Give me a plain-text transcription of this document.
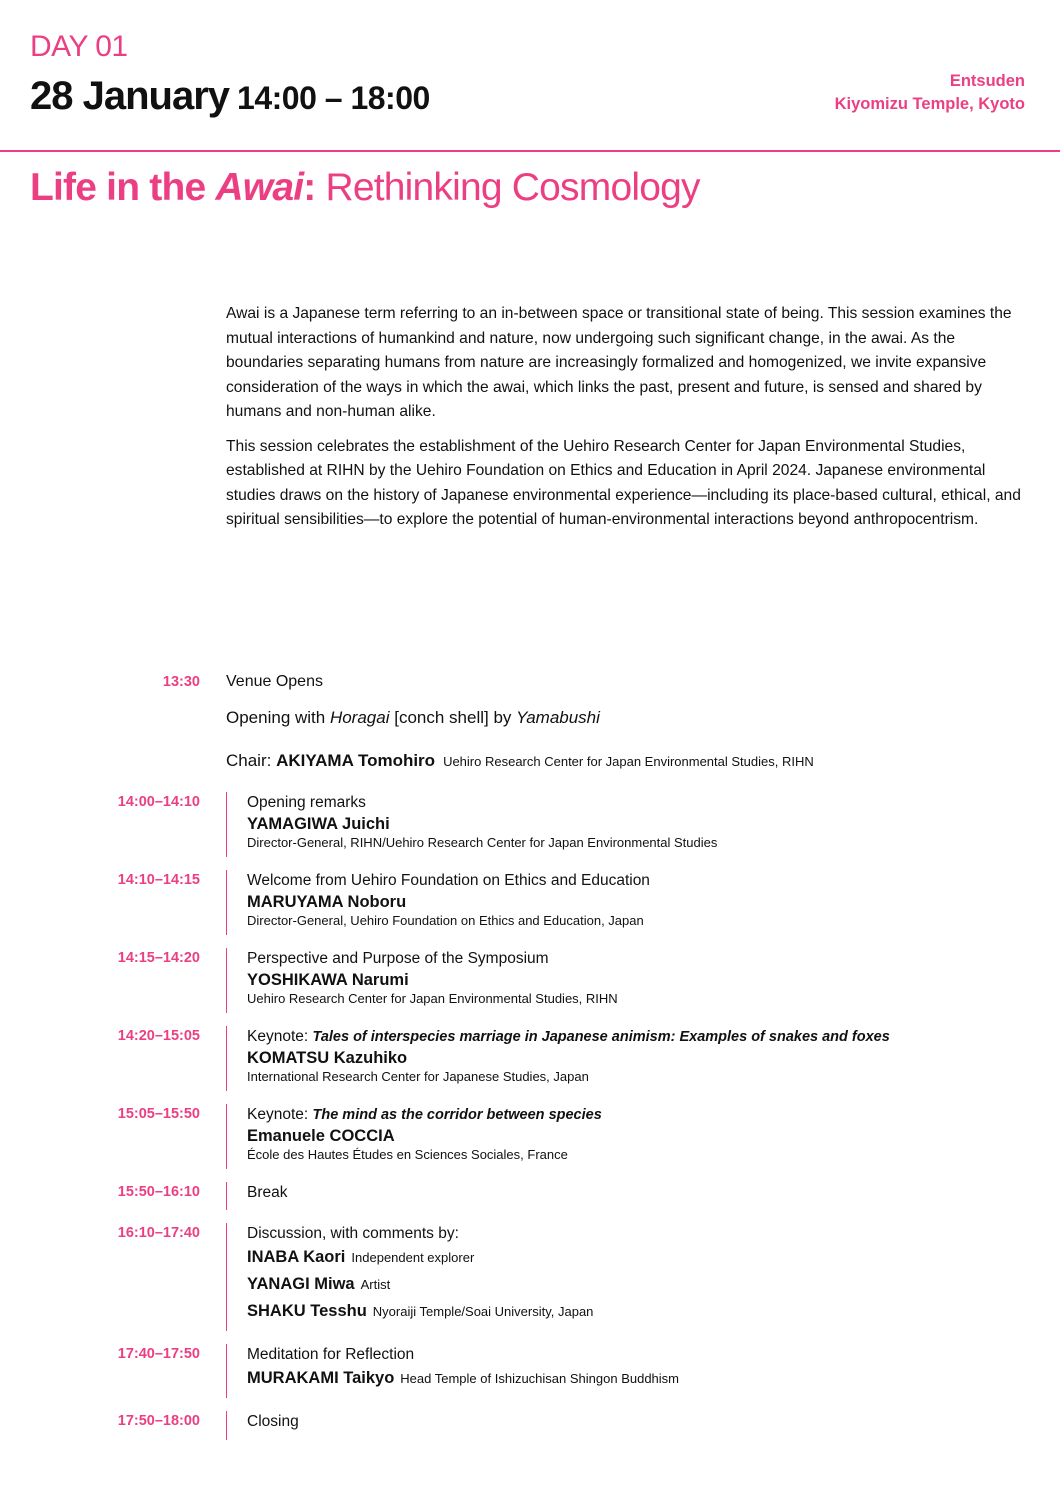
DAY 01
28 January 14:00 – 18:00	Entsuden
Kiyomizu Temple, Kyoto
Life in the Awai: Rethinking Cosmology

Awai is a Japanese term referring to an in-between space or transitional state of being. This session examines the mutual interactions of humankind and nature, now undergoing such significant change, in the awai. As the boundaries separating humans from nature are increasingly formalized and homogenized, we invite expansive consideration of the ways in which the awai, which links the past, present and future, is sensed and shared by humans and non-human alike.

This session celebrates the establishment of the Uehiro Research Center for Japan Environmental Studies, established at RIHN by the Uehiro Foundation on Ethics and Education in April 2024. Japanese environmental studies draws on the history of Japanese environmental experience—including its place-based cultural, ethical, and spiritual sensibilities—to explore the potential of human-environmental interactions beyond anthropocentrism.

13:30 Venue Opens
Opening with Horagai [conch shell] by Yamabushi
Chair: AKIYAMA Tomohiro Uehiro Research Center for Japan Environmental Studies, RIHN
14:00–14:10	Opening remarks
YAMAGIWA Juichi
Director-General, RIHN/Uehiro Research Center for Japan Environmental Studies
14:10–14:15	Welcome from Uehiro Foundation on Ethics and Education
MARUYAMA Noboru
Director-General, Uehiro Foundation on Ethics and Education, Japan
14:15–14:20	Perspective and Purpose of the Symposium
YOSHIKAWA Narumi
Uehiro Research Center for Japan Environmental Studies, RIHN
14:20–15:05	Keynote: Tales of interspecies marriage in Japanese animism: Examples of snakes and foxes
KOMATSU Kazuhiko
International Research Center for Japanese Studies, Japan
15:05–15:50	Keynote: The mind as the corridor between species
Emanuele COCCIA
École des Hautes Études en Sciences Sociales, France
15:50–16:10	Break
16:10–17:40	Discussion, with comments by:
INABA Kaori Independent explorer
YANAGI Miwa Artist
SHAKU Tesshu Nyoraiji Temple/Soai University, Japan
17:40–17:50	Meditation for Reflection
MURAKAMI Taikyo Head Temple of Ishizuchisan Shingon Buddhism
17:50–18:00	Closing
